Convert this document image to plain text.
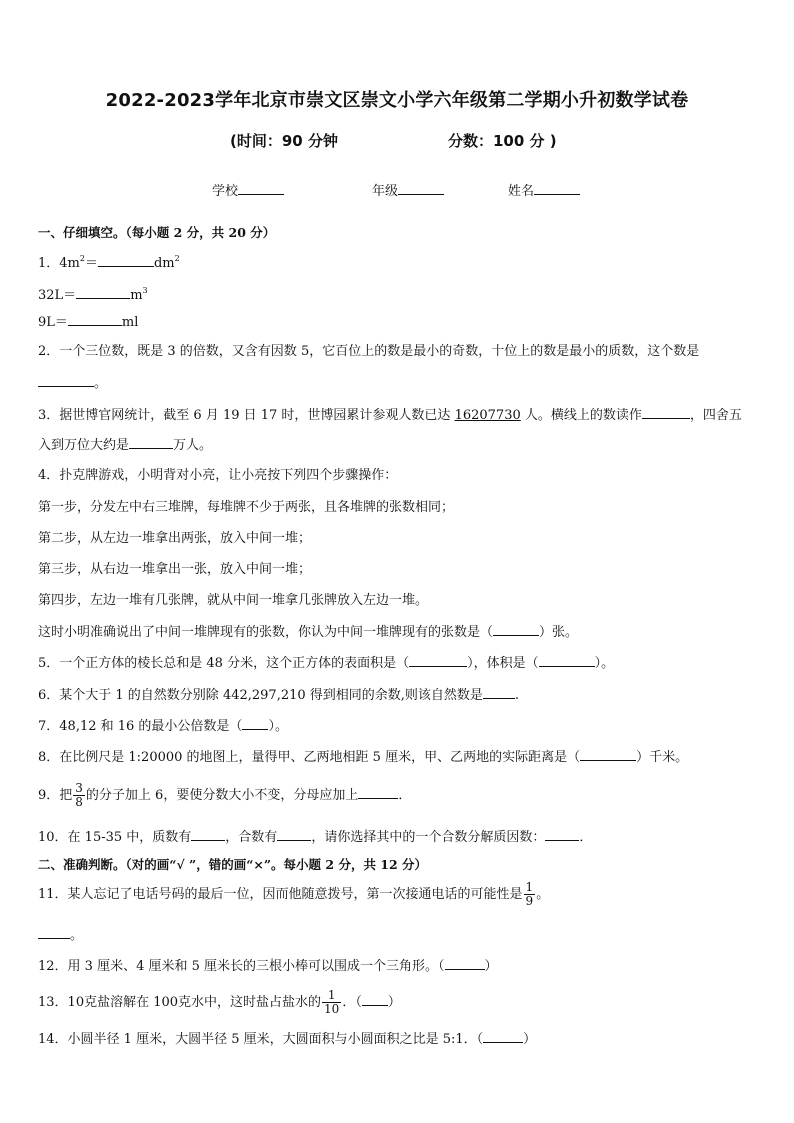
2022-2023学年北京市崇文区崇文小学六年级第二学期小升初数学试卷
(时间：90 分钟	分数：100 分 )
学校	年级	姓名
一、仔细填空。（每小题 2 分，共 20 分）
1．$4m^2=$	$dm^2$
32L＝	$m^3$
9L＝	ml
2．一个三位数，既是 3 的倍数，又含有因数 5，它百位上的数是最小的奇数，十位上的数是最小的质数，这个数是
。
3．据世博官网统计，截至 6 月 19 日 17 时，世博园累计参观人数已达 16207730 人。横线上的数读作	，四舍五
入到万位大约是	万人。
4．扑克牌游戏，小明背对小亮，让小亮按下列四个步骤操作：
第一步，分发左中右三堆牌，每堆牌不少于两张，且各堆牌的张数相同；
第二步，从左边一堆拿出两张，放入中间一堆；
第三步，从右边一堆拿出一张，放入中间一堆；
第四步，左边一堆有几张牌，就从中间一堆拿几张牌放入左边一堆。
这时小明准确说出了中间一堆牌现有的张数，你认为中间一堆牌现有的张数是（	）张。
5．一个正方体的棱长总和是 48 分米，这个正方体的表面积是（	），体积是（	）。
6．某个大于 1 的自然数分别除 442,297,210 得到相同的余数,则该自然数是 .
7．48,12 和 16 的最小公倍数是（ ）。
8．在比例尺是 1:20000 的地图上，量得甲、乙两地相距 5 厘米，甲、乙两地的实际距离是（	）千米。
9．把 $\frac{3}{8}$ 的分子加上 6，要使分数大小不变，分母应加上	．
10．在 15-35 中，质数有	，合数有	，请你选择其中的一个合数分解质因数：	．
二、准确判断。（对的画“√ ”，错的画“×”。每小题 2 分，共 12 分）
11．某人忘记了电话号码的最后一位，因而他随意拨号，第一次接通电话的可能性是 $\frac{1}{9}$ 。
。
12．用 3 厘米、4 厘米和 5 厘米长的三根小棒可以围成一个三角形。（	）
13．10克盐溶解在 100克水中，这时盐占盐水的 $\frac{1}{10}$ ．（ ）
14．小圆半径 1 厘米，大圆半径 5 厘米，大圆面积与小圆面积之比是 5:1．（	）
